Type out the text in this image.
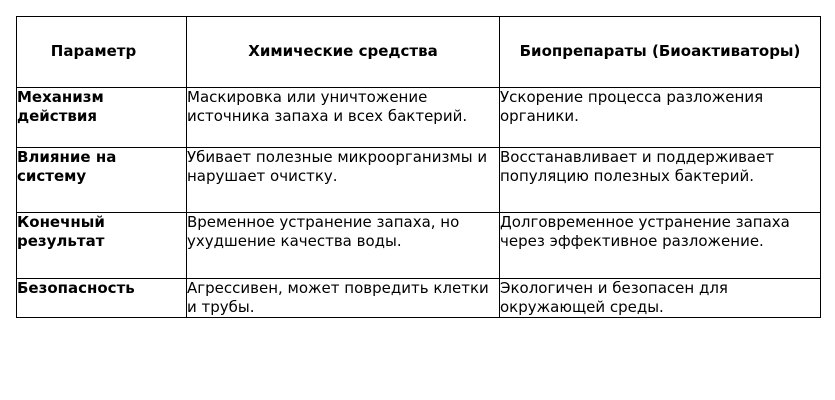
Параметр	Химические средства	Биопрепараты (Биоактиваторы)

Механизм действия	Маскировка или уничтожение источника запаха и всех бактерий.	Ускорение процесса разложения органики.
Влияние на систему	Убивает полезные микроорганизмы и нарушает очистку.	Восстанавливает и поддерживает популяцию полезных бактерий.
Конечный результат	Временное устранение запаха, но ухудшение качества воды.	Долговременное устранение запаха через эффективное разложение.
Безопасность	Агрессивен, может повредить клетки и трубы.	Экологичен и безопасен для окружающей среды.
